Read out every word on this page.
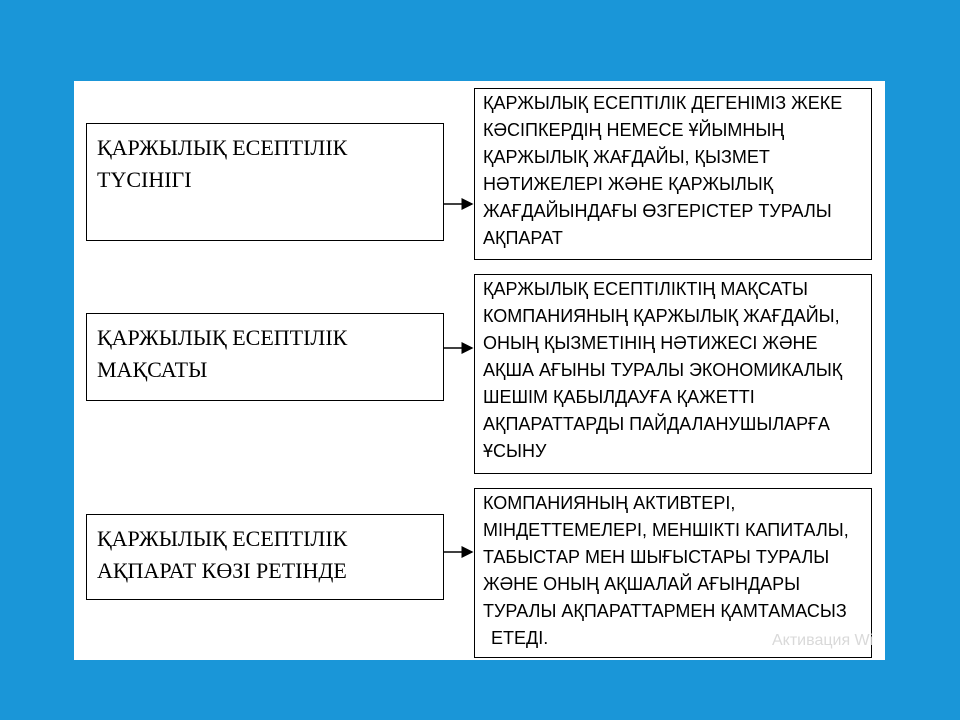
ҚАРЖЫЛЫҚ ЕСЕПТІЛІК
ТҮСІНІГІ
ҚАРЖЫЛЫҚ ЕСЕПТІЛІК
МАҚСАТЫ
ҚАРЖЫЛЫҚ ЕСЕПТІЛІК
АҚПАРАТ КӨЗІ РЕТІНДЕ
ҚАРЖЫЛЫҚ ЕСЕПТІЛІК ДЕГЕНІМІЗ ЖЕКЕ
КӘСІПКЕРДІҢ НЕМЕСЕ ҰЙЫМНЫҢ
ҚАРЖЫЛЫҚ ЖАҒДАЙЫ, ҚЫЗМЕТ
НӘТИЖЕЛЕРІ ЖӘНЕ ҚАРЖЫЛЫҚ
ЖАҒДАЙЫНДАҒЫ ӨЗГЕРІСТЕР ТУРАЛЫ
АҚПАРАТ
ҚАРЖЫЛЫҚ ЕСЕПТІЛІКТІҢ МАҚСАТЫ
КОМПАНИЯНЫҢ ҚАРЖЫЛЫҚ ЖАҒДАЙЫ,
ОНЫҢ ҚЫЗМЕТІНІҢ НӘТИЖЕСІ ЖӘНЕ
АҚША АҒЫНЫ ТУРАЛЫ ЭКОНОМИКАЛЫҚ
ШЕШІМ ҚАБЫЛДАУҒА ҚАЖЕТТІ
АҚПАРАТТАРДЫ ПАЙДАЛАНУШЫЛАРҒА
ҰСЫНУ
КОМПАНИЯНЫҢ АКТИВТЕРІ,
МІНДЕТТЕМЕЛЕРІ, МЕНШІКТІ КАПИТАЛЫ,
ТАБЫСТАР МЕН ШЫҒЫСТАРЫ ТУРАЛЫ
ЖӘНЕ ОНЫҢ АҚШАЛАЙ АҒЫНДАРЫ
ТУРАЛЫ АҚПАРАТТАРМЕН ҚАМТАМАСЫЗ
ЕТЕДІ.	Активация Wi
